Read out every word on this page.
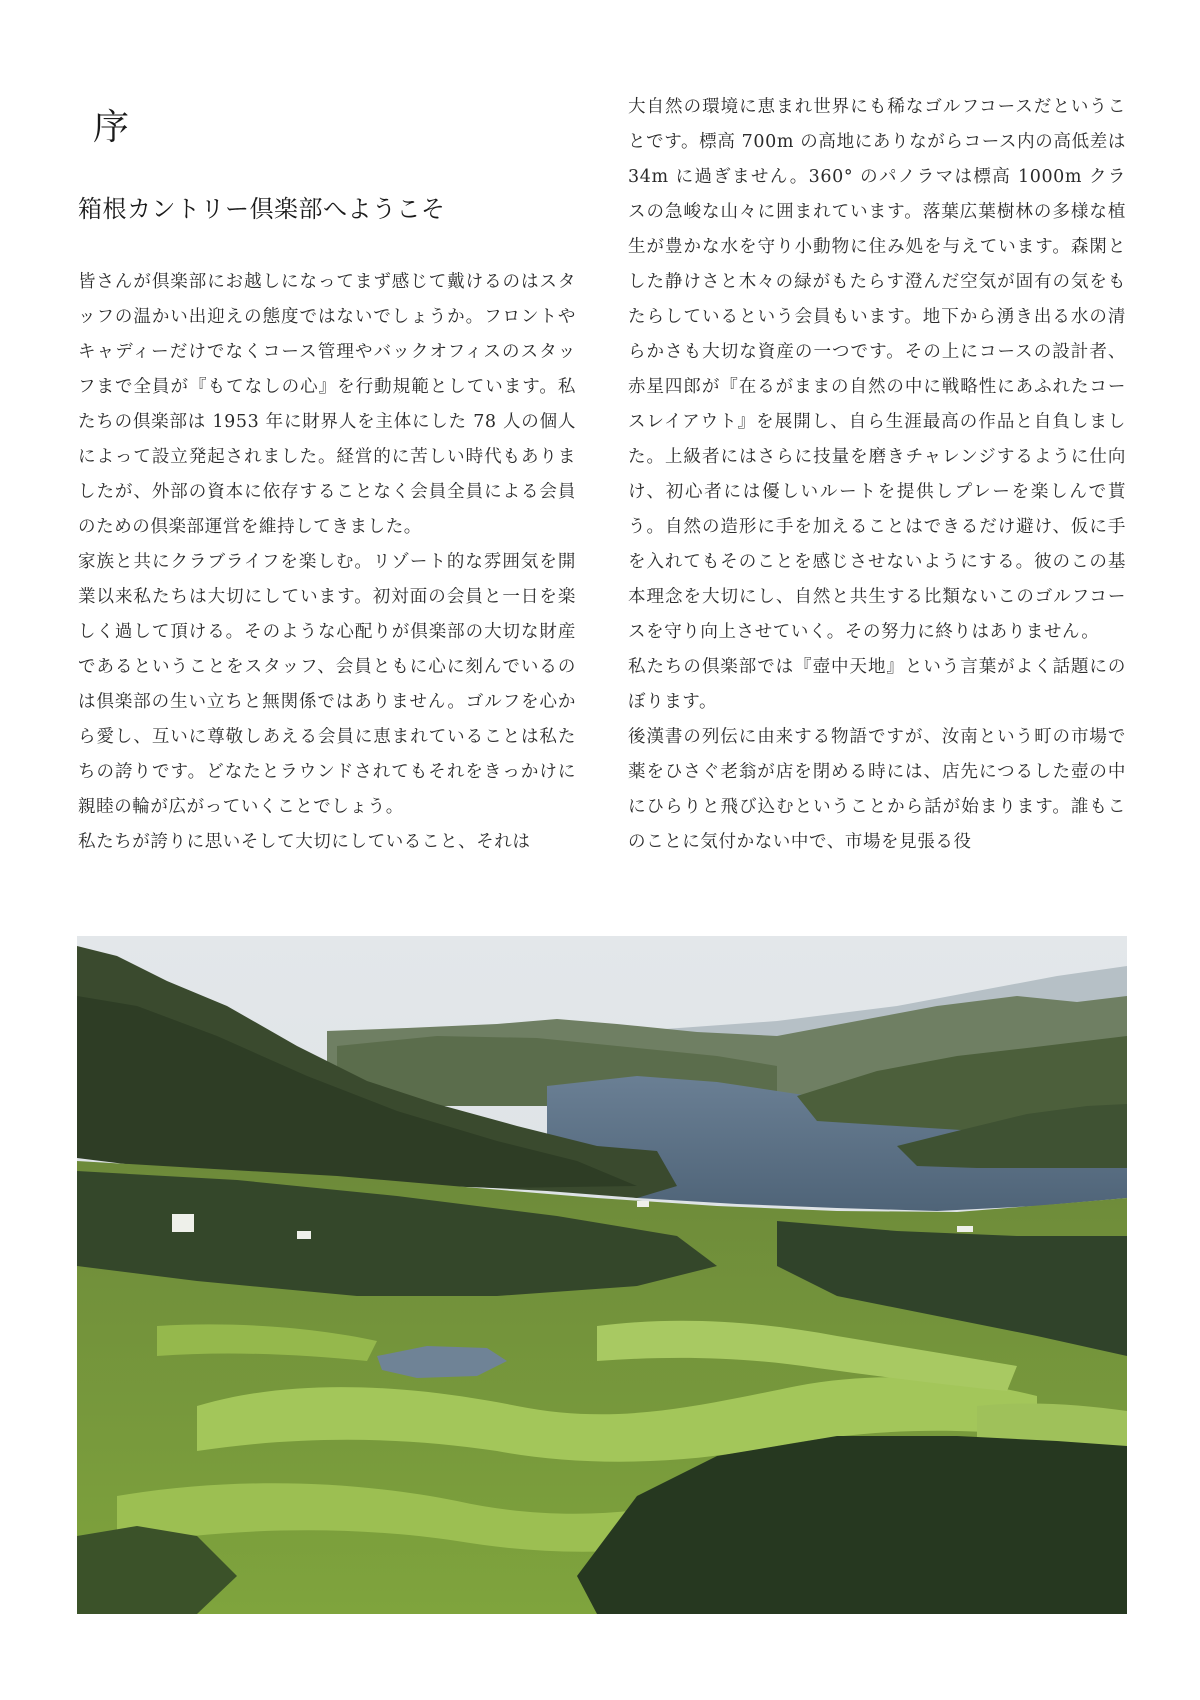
序
箱根カントリー倶楽部へようこそ

皆さんが倶楽部にお越しになってまず感じて戴けるのはスタッフの温かい出迎えの態度ではないでしょうか。フロントやキャディーだけでなくコース管理やバックオフィスのスタッフまで全員が『もてなしの心』を行動規範としています。私たちの倶楽部は 1953 年に財界人を主体にした 78 人の個人によって設立発起されました。経営的に苦しい時代もありましたが、外部の資本に依存することなく会員全員による会員のための倶楽部運営を維持してきました。

家族と共にクラブライフを楽しむ。リゾート的な雰囲気を開業以来私たちは大切にしています。初対面の会員と一日を楽しく過して頂ける。そのような心配りが倶楽部の大切な財産であるということをスタッフ、会員ともに心に刻んでいるのは倶楽部の生い立ちと無関係ではありません。ゴルフを心から愛し、互いに尊敬しあえる会員に恵まれていることは私たちの誇りです。どなたとラウンドされてもそれをきっかけに親睦の輪が広がっていくことでしょう。

私たちが誇りに思いそして大切にしていること、それは

大自然の環境に恵まれ世界にも稀なゴルフコースだということです。標高 700m の高地にありながらコース内の高低差は 34m に過ぎません。360° のパノラマは標高 1000m クラスの急峻な山々に囲まれています。落葉広葉樹林の多様な植生が豊かな水を守り小動物に住み処を与えています。森閑とした静けさと木々の緑がもたらす澄んだ空気が固有の気をもたらしているという会員もいます。地下から湧き出る水の清らかさも大切な資産の一つです。その上にコースの設計者、赤星四郎が『在るがままの自然の中に戦略性にあふれたコースレイアウト』を展開し、自ら生涯最高の作品と自負しました。上級者にはさらに技量を磨きチャレンジするように仕向け、初心者には優しいルートを提供しプレーを楽しんで貰う。自然の造形に手を加えることはできるだけ避け、仮に手を入れてもそのことを感じさせないようにする。彼のこの基本理念を大切にし、自然と共生する比類ないこのゴルフコースを守り向上させていく。その努力に終りはありません。

私たちの倶楽部では『壺中天地』という言葉がよく話題にのぼります。

後漢書の列伝に由来する物語ですが、汝南という町の市場で薬をひさぐ老翁が店を閉める時には、店先につるした壺の中にひらりと飛び込むということから話が始まります。誰もこのことに気付かない中で、市場を見張る役
